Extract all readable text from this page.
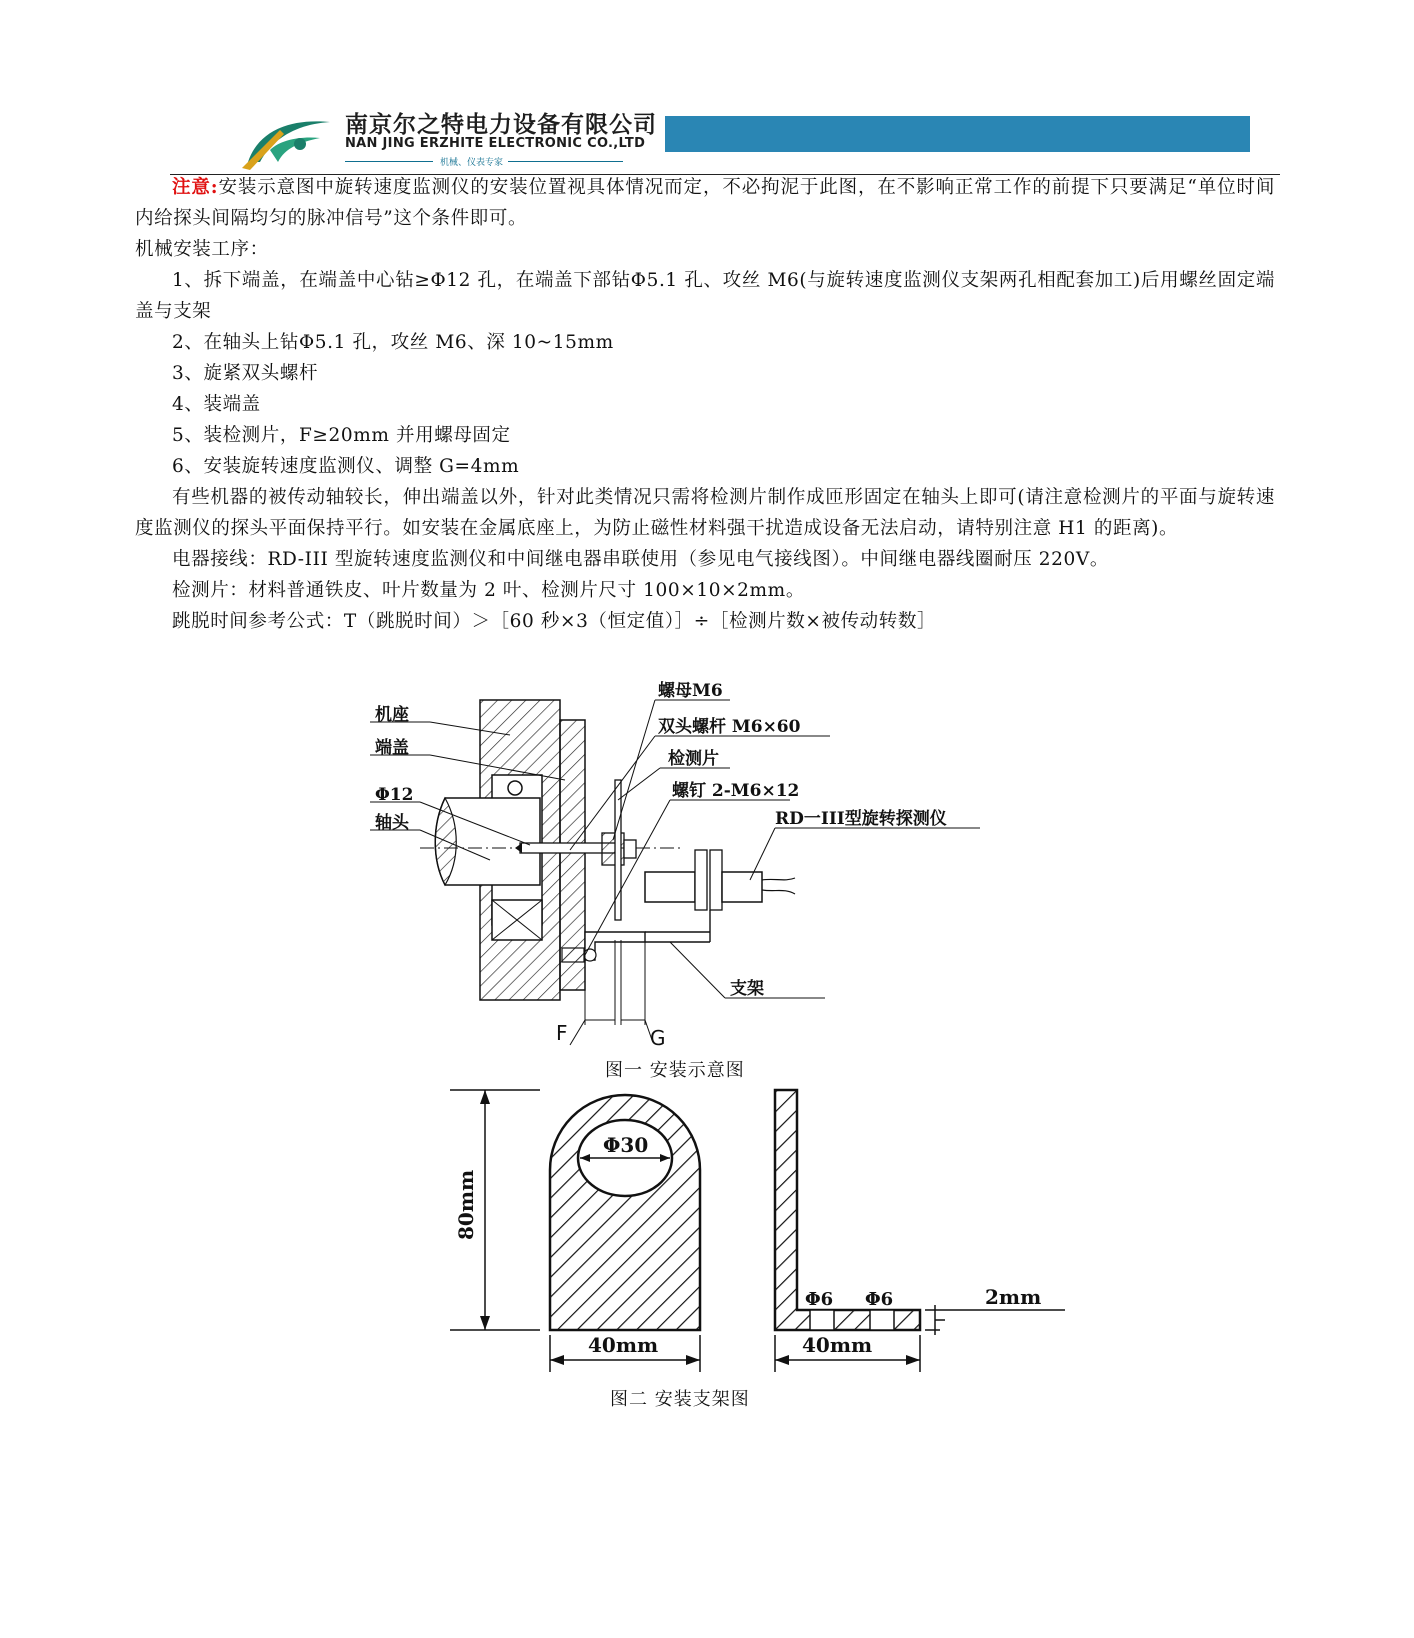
南京尔之特电力设备有限公司
NAN JING ERZHITE ELECTRONIC CO.,LTD
机械、仪表专家

注意:安装示意图中旋转速度监测仪的安装位置视具体情况而定，不必拘泥于此图，在不影响正常工作的前提下只要满足“单位时间内给探头间隔均匀的脉冲信号”这个条件即可。

机械安装工序：

1、拆下端盖，在端盖中心钻≥Φ12 孔，在端盖下部钻Φ5.1 孔、攻丝 M6(与旋转速度监测仪支架两孔相配套加工)后用螺丝固定端盖与支架

2、在轴头上钻Φ5.1 孔，攻丝 M6、深 10~15mm

3、旋紧双头螺杆

4、装端盖

5、装检测片，F≥20mm 并用螺母固定

6、安装旋转速度监测仪、调整 G=4mm

有些机器的被传动轴较长，伸出端盖以外，针对此类情况只需将检测片制作成匝形固定在轴头上即可(请注意检测片的平面与旋转速度监测仪的探头平面保持平行。如安装在金属底座上，为防止磁性材料强干扰造成设备无法启动，请特别注意 H1 的距离)。

电器接线：RD-III 型旋转速度监测仪和中间继电器串联使用（参见电气接线图）。中间继电器线圈耐压 220V。

检测片：材料普通铁皮、叶片数量为 2 叶、检测片尺寸 100×10×2mm。

跳脱时间参考公式：T（跳脱时间）＞［60 秒×3（恒定值）］÷［检测片数×被传动转数］

机座
端盖
Φ12
轴头
螺母M6
双头螺杆 M6×60
检测片
螺钉 2-M6×12
RD一III型旋转探测仪
支架
F	G
图一 安装示意图
Φ30
80mm
40mm
Φ6 Φ6	2mm
40mm
图二 安装支架图
